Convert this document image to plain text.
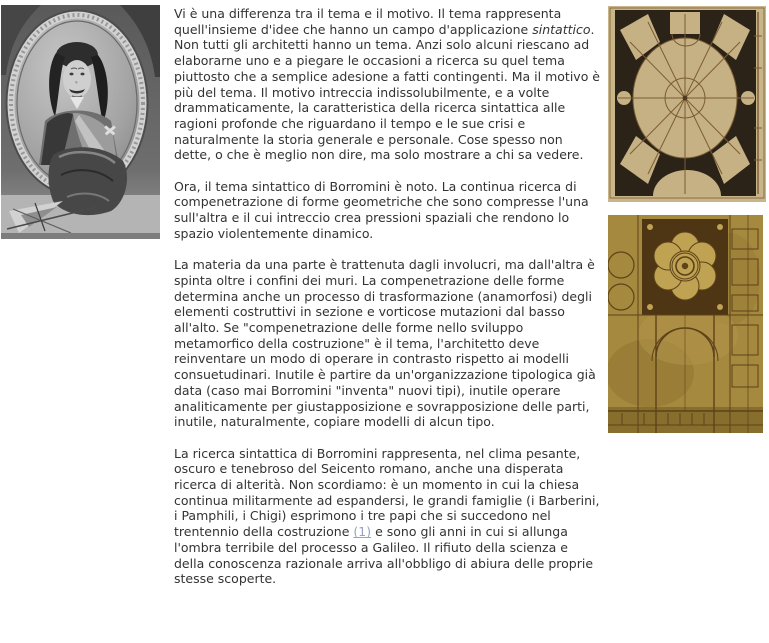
Vi è una differenza tra il tema e il motivo. Il tema rappresenta quell'insieme d'idee che hanno un campo d'applicazione sintattico. Non tutti gli architetti hanno un tema. Anzi solo alcuni riescano ad elaborarne uno e a piegare le occasioni a ricerca su quel tema piuttosto che a semplice adesione a fatti contingenti. Ma il motivo è più del tema. Il motivo intreccia indissolubilmente, e a volte drammaticamente, la caratteristica della ricerca sintattica alle ragioni profonde che riguardano il tempo e le sue crisi e naturalmente la storia generale e personale. Cose spesso non dette, o che è meglio non dire, ma solo mostrare a chi sa vedere.

Ora, il tema sintattico di Borromini è noto. La continua ricerca di compenetrazione di forme geometriche che sono compresse l'una sull'altra e il cui intreccio crea pressioni spaziali che rendono lo spazio violentemente dinamico.

La materia da una parte è trattenuta dagli involucri, ma dall'altra è spinta oltre i confini dei muri. La compenetrazione delle forme determina anche un processo di trasformazione (anamorfosi) degli elementi costruttivi in sezione e vorticose mutazioni dal basso all'alto. Se "compenetrazione delle forme nello sviluppo metamorfico della costruzione" è il tema, l'architetto deve reinventare un modo di operare in contrasto rispetto ai modelli consuetudinari. Inutile è partire da un'organizzazione tipologica già data (caso mai Borromini "inventa" nuovi tipi), inutile operare analiticamente per giustapposizione e sovrapposizione delle parti, inutile, naturalmente, copiare modelli di alcun tipo.

La ricerca sintattica di Borromini rappresenta, nel clima pesante, oscuro e tenebroso del Seicento romano, anche una disperata ricerca di alterità. Non scordiamo: è un momento in cui la chiesa continua militarmente ad espandersi, le grandi famiglie (i Barberini, i Pamphili, i Chigi) esprimono i tre papi che si succedono nel trentennio della costruzione (1) e sono gli anni in cui si allunga l'ombra terribile del processo a Galileo. Il rifiuto della scienza e della conoscenza razionale arriva all'obbligo di abiura delle proprie stesse scoperte.
